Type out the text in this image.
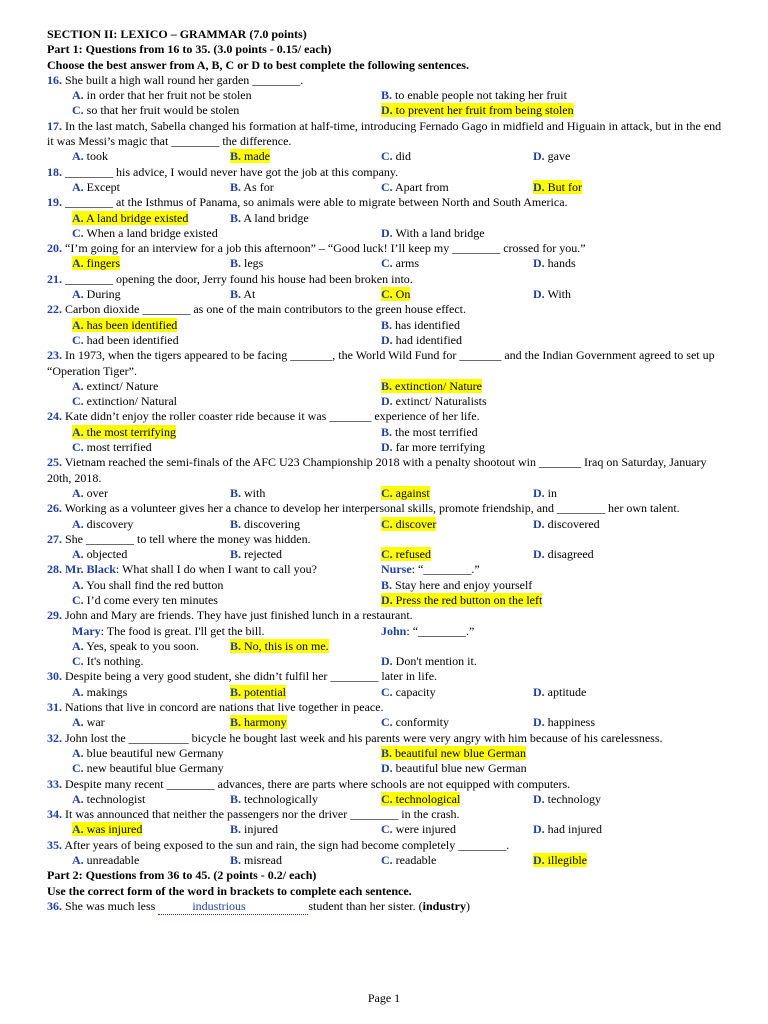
SECTION II: LEXICO – GRAMMAR (7.0 points)
Part 1: Questions from 16 to 35. (3.0 points - 0.15/ each)
Choose the best answer from A, B, C or D to best complete the following sentences.
16. She built a high wall round her garden ________.
A. in order that her fruit not be stolen	B. to enable people not taking her fruit
C. so that her fruit would be stolen	D. to prevent her fruit from being stolen
17. In the last match, Sabella changed his formation at half-time, introducing Fernado Gago in midfield and Higuain in attack, but in the end it was Messi’s magic that ________ the difference.
A. took	B. made	C. did	D. gave
18. ________ his advice, I would never have got the job at this company.
A. Except	B. As for	C. Apart from	D. But for
19. ________ at the Isthmus of Panama, so animals were able to migrate between North and South America.
A. A land bridge existed	B. A land bridge
C. When a land bridge existed	D. With a land bridge
20. “I’m going for an interview for a job this afternoon” – “Good luck! I’ll keep my ________ crossed for you.”
A. fingers	B. legs	C. arms	D. hands
21. ________ opening the door, Jerry found his house had been broken into.
A. During	B. At	C. On	D. With
22. Carbon dioxide ________ as one of the main contributors to the green house effect.
A. has been identified	B. has identified
C. had been identified	D. had identified
23. In 1973, when the tigers appeared to be facing _______, the World Wild Fund for _______ and the Indian Government agreed to set up “Operation Tiger”.
A. extinct/ Nature	B. extinction/ Nature
C. extinction/ Natural	D. extinct/ Naturalists
24. Kate didn’t enjoy the roller coaster ride because it was _______ experience of her life.
A. the most terrifying	B. the most terrified
C. most terrified	D. far more terrifying
25. Vietnam reached the semi-finals of the AFC U23 Championship 2018 with a penalty shootout win _______ Iraq on Saturday, January 20th, 2018.
A. over	B. with	C. against	D. in
26. Working as a volunteer gives her a chance to develop her interpersonal skills, promote friendship, and ________ her own talent.
A. discovery	B. discovering	C. discover	D. discovered
27. She ________ to tell where the money was hidden.
A. objected	B. rejected	C. refused	D. disagreed
28. Mr. Black: What shall I do when I want to call you?	Nurse: “________.”
A. You shall find the red button	B. Stay here and enjoy yourself
C. I’d come every ten minutes	D. Press the red button on the left
29. John and Mary are friends. They have just finished lunch in a restaurant.
Mary: The food is great. I'll get the bill.	John: “________.”
A. Yes, speak to you soon.	B. No, this is on me.
C. It's nothing.	D. Don't mention it.
30. Despite being a very good student, she didn’t fulfil her ________ later in life.
A. makings	B. potential	C. capacity	D. aptitude
31. Nations that live in concord are nations that live together in peace.
A. war	B. harmony	C. conformity	D. happiness
32. John lost the __________ bicycle he bought last week and his parents were very angry with him because of his carelessness.
A. blue beautiful new Germany	B. beautiful new blue German
C. new beautiful blue Germany	D. beautiful blue new German
33. Despite many recent ________ advances, there are parts where schools are not equipped with computers.
A. technologist	B. technologically	C. technological	D. technology
34. It was announced that neither the passengers nor the driver ________ in the crash.
A. was injured	B. injured	C. were injured	D. had injured
35. After years of being exposed to the sun and rain, the sign had become completely ________.
A. unreadable	B. misread	C. readable	D. illegible
Part 2: Questions from 36 to 45. (2 points - 0.2/ each)
Use the correct form of the word in brackets to complete each sentence.
36. She was much less	industrious	student than her sister. (industry)
Page 1
